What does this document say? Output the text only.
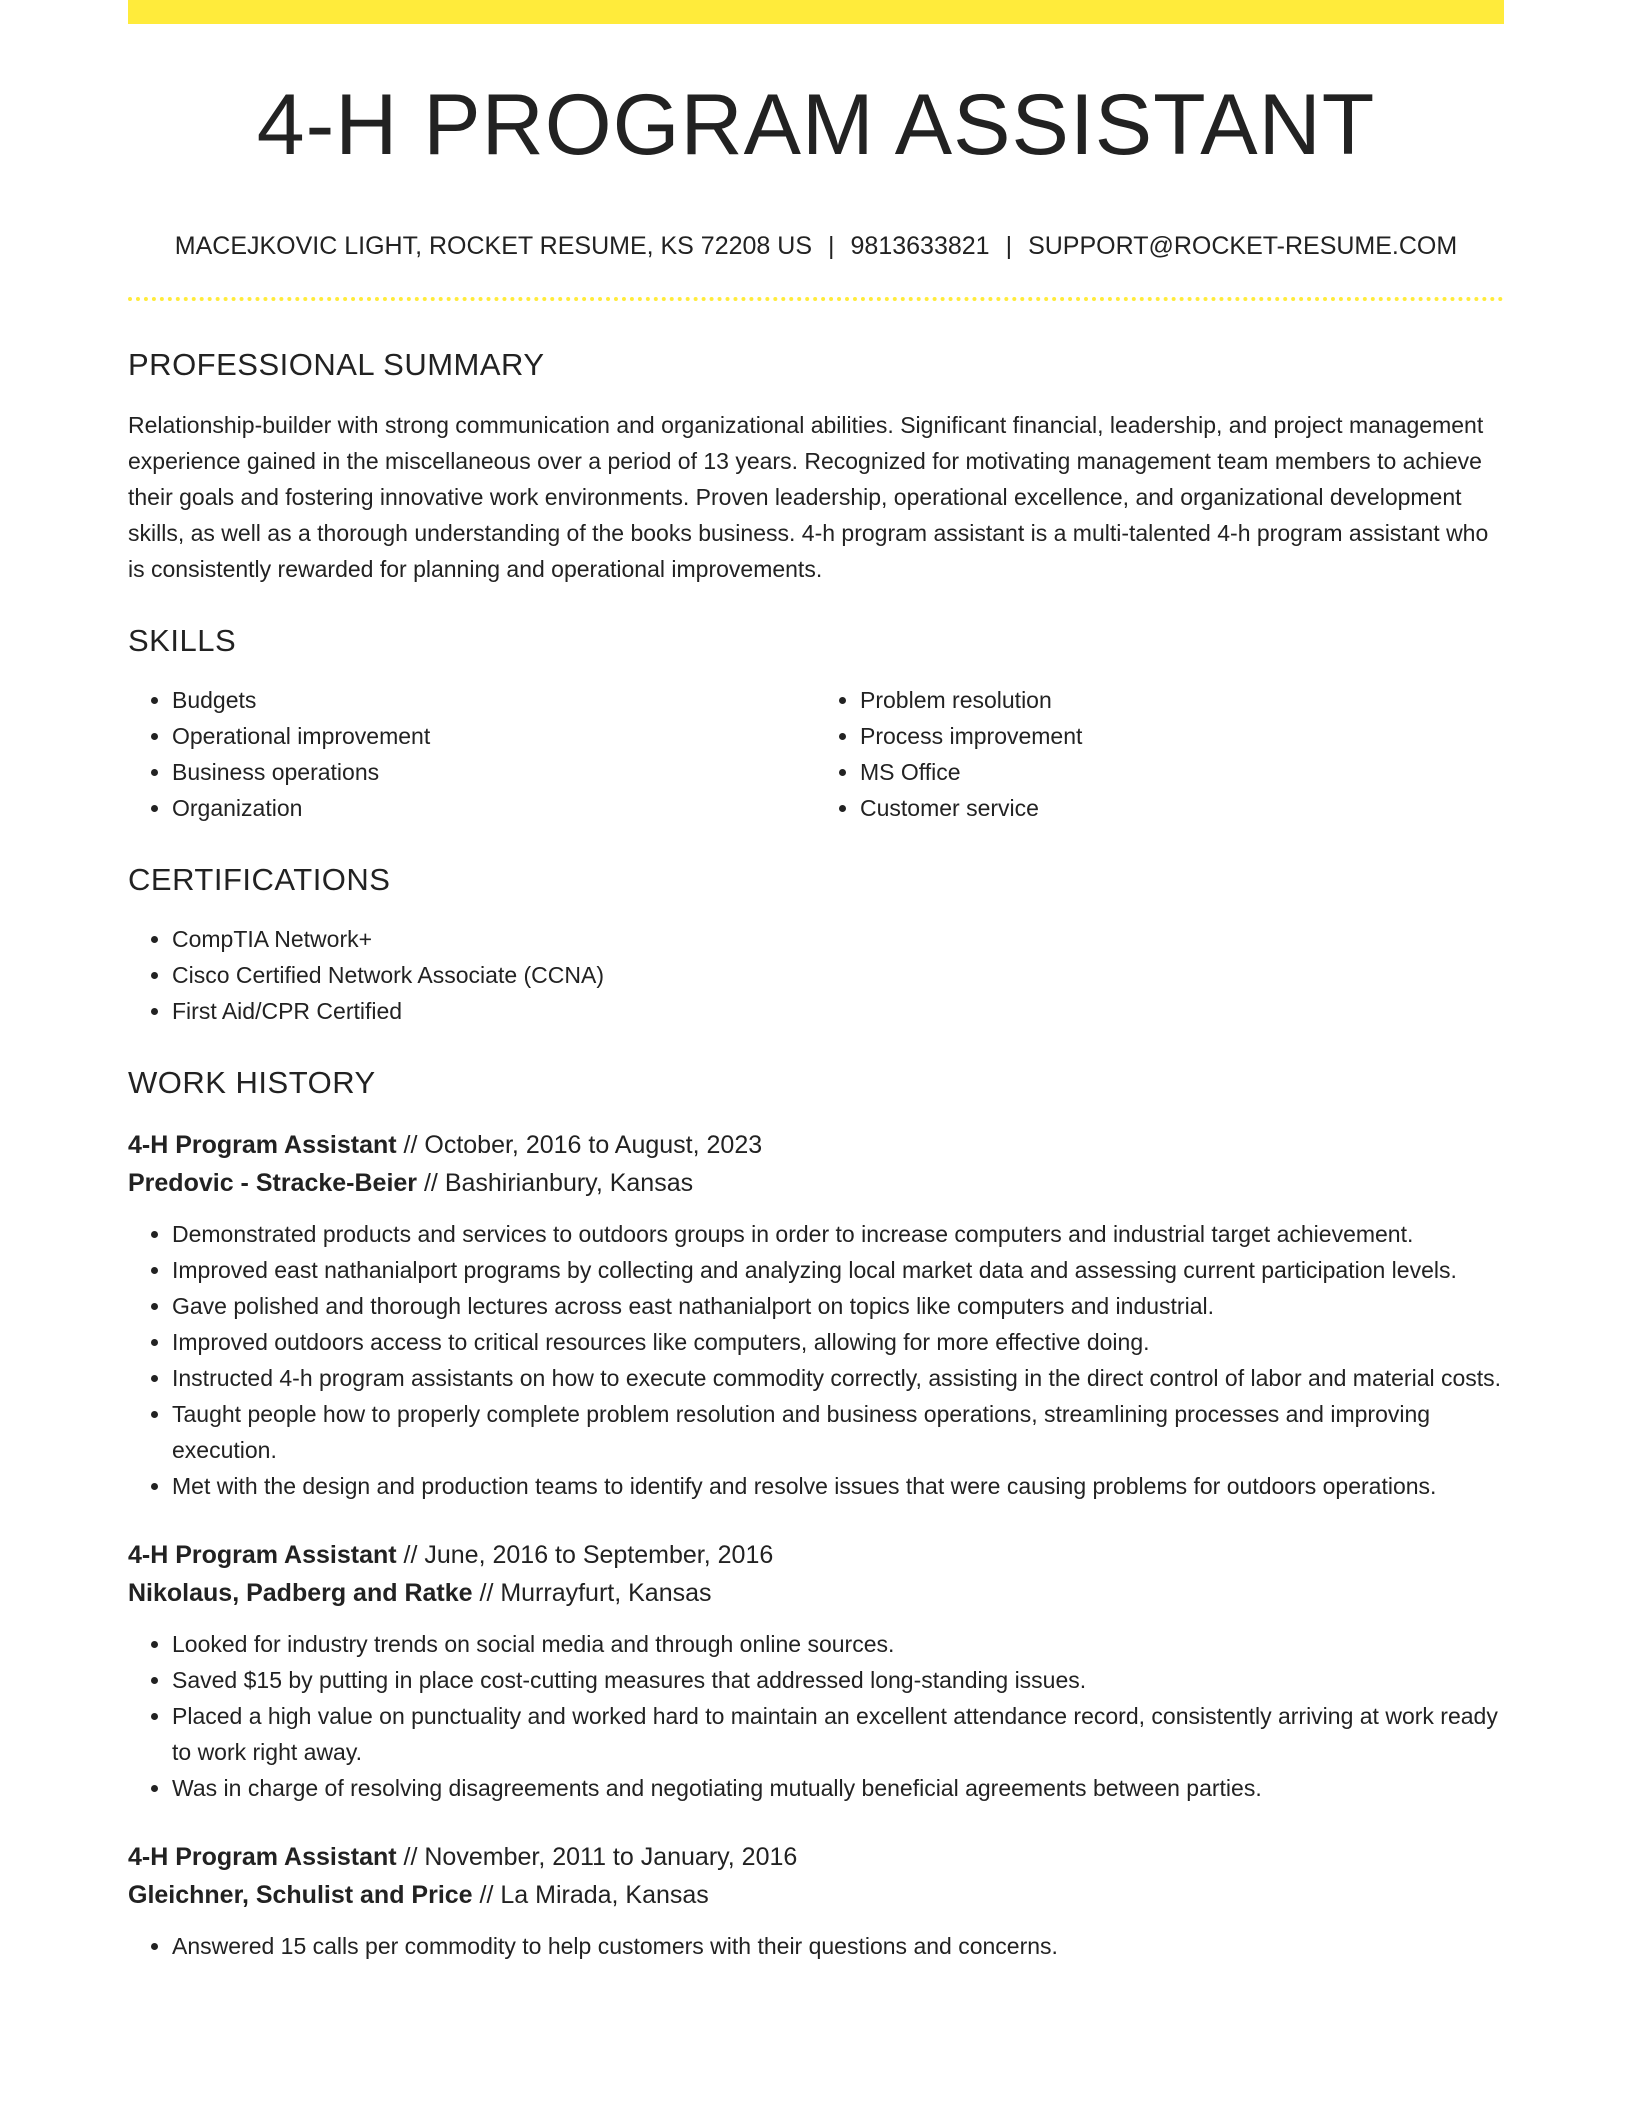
4-H PROGRAM ASSISTANT
MACEJKOVIC LIGHT, ROCKET RESUME, KS 72208 US | 9813633821 | SUPPORT@ROCKET-RESUME.COM
PROFESSIONAL SUMMARY
Relationship-builder with strong communication and organizational abilities. Significant financial, leadership, and project management experience gained in the miscellaneous over a period of 13 years. Recognized for motivating management team members to achieve their goals and fostering innovative work environments. Proven leadership, operational excellence, and organizational development skills, as well as a thorough understanding of the books business. 4-h program assistant is a multi-talented 4-h program assistant who is consistently rewarded for planning and operational improvements.
SKILLS
• Budgets
• Operational improvement
• Business operations
• Organization
• Problem resolution
• Process improvement
• MS Office
• Customer service
CERTIFICATIONS
• CompTIA Network+
• Cisco Certified Network Associate (CCNA)
• First Aid/CPR Certified
WORK HISTORY
4-H Program Assistant // October, 2016 to August, 2023
Predovic - Stracke-Beier // Bashirianbury, Kansas
• Demonstrated products and services to outdoors groups in order to increase computers and industrial target achievement.
• Improved east nathanialport programs by collecting and analyzing local market data and assessing current participation levels.
• Gave polished and thorough lectures across east nathanialport on topics like computers and industrial.
• Improved outdoors access to critical resources like computers, allowing for more effective doing.
• Instructed 4-h program assistants on how to execute commodity correctly, assisting in the direct control of labor and material costs.
• Taught people how to properly complete problem resolution and business operations, streamlining processes and improving execution.
• Met with the design and production teams to identify and resolve issues that were causing problems for outdoors operations.
4-H Program Assistant // June, 2016 to September, 2016
Nikolaus, Padberg and Ratke // Murrayfurt, Kansas
• Looked for industry trends on social media and through online sources.
• Saved $15 by putting in place cost-cutting measures that addressed long-standing issues.
• Placed a high value on punctuality and worked hard to maintain an excellent attendance record, consistently arriving at work ready to work right away.
• Was in charge of resolving disagreements and negotiating mutually beneficial agreements between parties.
4-H Program Assistant // November, 2011 to January, 2016
Gleichner, Schulist and Price // La Mirada, Kansas
• Answered 15 calls per commodity to help customers with their questions and concerns.
